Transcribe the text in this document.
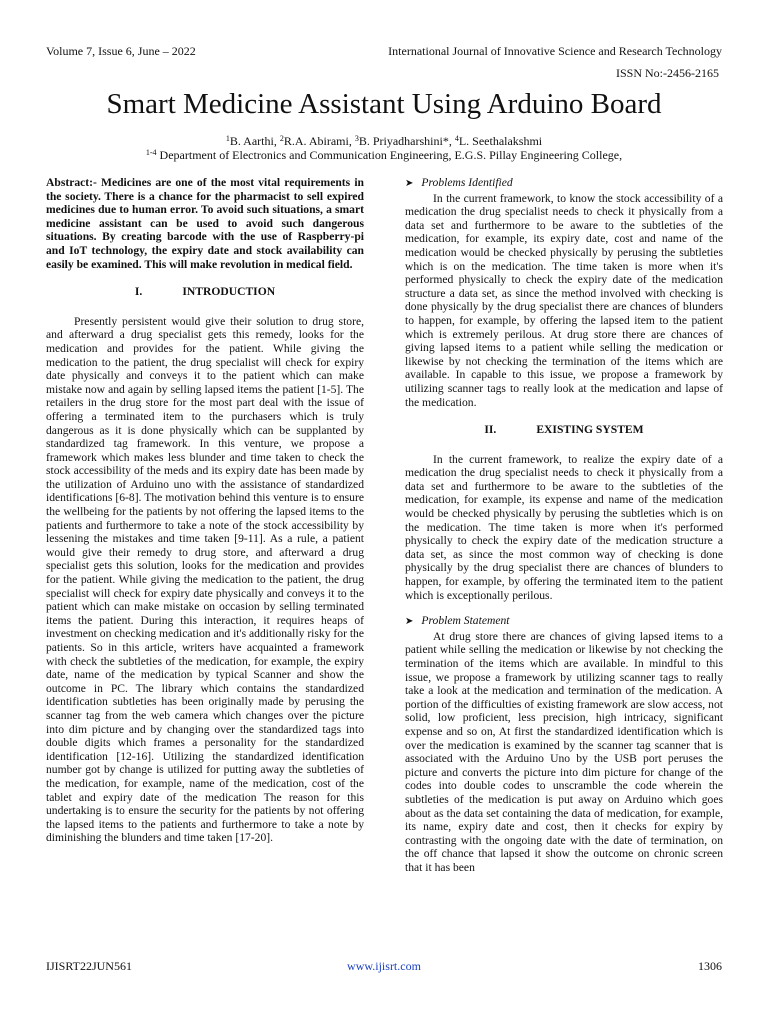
Volume 7, Issue 6, June – 2022	International Journal of Innovative Science and Research Technology
ISSN No:-2456-2165
Smart Medicine Assistant Using Arduino Board
$^1$B. Aarthi, $^2$R.A. Abirami, $^3$B. Priyadharshini*, $^4$L. Seethalakshmi
$^{1-4}$ Department of Electronics and Communication Engineering, E.G.S. Pillay Engineering College,

Abstract:- Medicines are one of the most vital requirements in the society. There is a chance for the pharmacist to sell expired medicines due to human error. To avoid such situations, a smart medicine assistant can be used to avoid such dangerous situations. By creating barcode with the use of Raspberry-pi and IoT technology, the expiry date and stock availability can easily be examined. This will make revolution in medical field.

I.	INTRODUCTION

Presently persistent would give their solution to drug store, and afterward a drug specialist gets this remedy, looks for the medication and provides for the patient. While giving the medication to the patient, the drug specialist will check for expiry date physically and conveys it to the patient which can make mistake now and again by selling lapsed items the patient [1-5]. The retailers in the drug store for the most part deal with the issue of offering a terminated item to the purchasers which is truly dangerous as it is done physically which can be supplanted by standardized tag framework. In this venture, we propose a framework which makes less blunder and time taken to check the stock accessibility of the meds and its expiry date has been made by the utilization of Arduino uno with the assistance of standardized identifications [6-8]. The motivation behind this venture is to ensure the wellbeing for the patients by not offering the lapsed items to the patients and furthermore to take a note of the stock accessibility by lessening the mistakes and time taken [9-11]. As a rule, a patient would give their remedy to drug store, and afterward a drug specialist gets this solution, looks for the medication and provides for the patient. While giving the medication to the patient, the drug specialist will check for expiry date physically and conveys it to the patient which can make mistake on occasion by selling terminated items the patient. During this interaction, it requires heaps of investment on checking medication and it's additionally risky for the patients. So in this article, writers have acquainted a framework with check the subtleties of the medication, for example, the expiry date, name of the medication by typical Scanner and show the outcome in PC. The library which contains the standardized identification subtleties has been originally made by perusing the scanner tag from the web camera which changes over the picture into dim picture and by changing over the standardized tags into double digits which frames a personality for the standardized identification [12-16]. Utilizing the standardized identification number got by change is utilized for putting away the subtleties of the medication, for example, name of the medication, cost of the tablet and expiry date of the medication The reason for this undertaking is to ensure the security for the patients by not offering the lapsed items to the patients and furthermore to take a note by diminishing the blunders and time taken [17-20].

➤ Problems Identified

In the current framework, to know the stock accessibility of a medication the drug specialist needs to check it physically from a data set and furthermore to be aware to the subtleties of the medication, for example, its expiry date, cost and name of the medication would be checked physically by perusing the subtleties which is on the medication. The time taken is more when it's performed physically to check the expiry date of the medication structure a data set, as since the method involved with checking is done physically by the drug specialist there are chances of blunders to happen, for example, by offering the lapsed item to the patient which is extremely perilous. At drug store there are chances of giving lapsed items to a patient while selling the medication or likewise by not checking the termination of the items which are available. In capable to this issue, we propose a framework by utilizing scanner tags to really look at the medication and lapse of the medication.

II.	EXISTING SYSTEM

In the current framework, to realize the expiry date of a medication the drug specialist needs to check it physically from a data set and furthermore to be aware to the subtleties of the medication, for example, its expense and name of the medication would be checked physically by perusing the subtleties which is on the medication. The time taken is more when it's performed physically to check the expiry date of the medication structure a data set, as since the most common way of checking is done physically by the drug specialist there are chances of blunders to happen, for example, by offering the terminated item to the patient which is exceptionally perilous.

➤ Problem Statement

At drug store there are chances of giving lapsed items to a patient while selling the medication or likewise by not checking the termination of the items which are available. In mindful to this issue, we propose a framework by utilizing scanner tags to really take a look at the medication and termination of the medication. A portion of the difficulties of existing framework are slow access, not solid, low proficient, less precision, high intricacy, significant expense and so on, At first the standardized identification which is over the medication is examined by the scanner tag scanner that is associated with the Arduino Uno by the USB port peruses the picture and converts the picture into dim picture for change of the codes into double codes to unscramble the code wherein the subtleties of the medication is put away on Arduino which goes about as the data set containing the data of medication, for example, its name, expiry date and cost, then it checks for expiry by contrasting with the ongoing date with the date of termination, on the off chance that lapsed it show the outcome on chronic screen that it has been

IJISRT22JUN561	www.ijisrt.com	1306
